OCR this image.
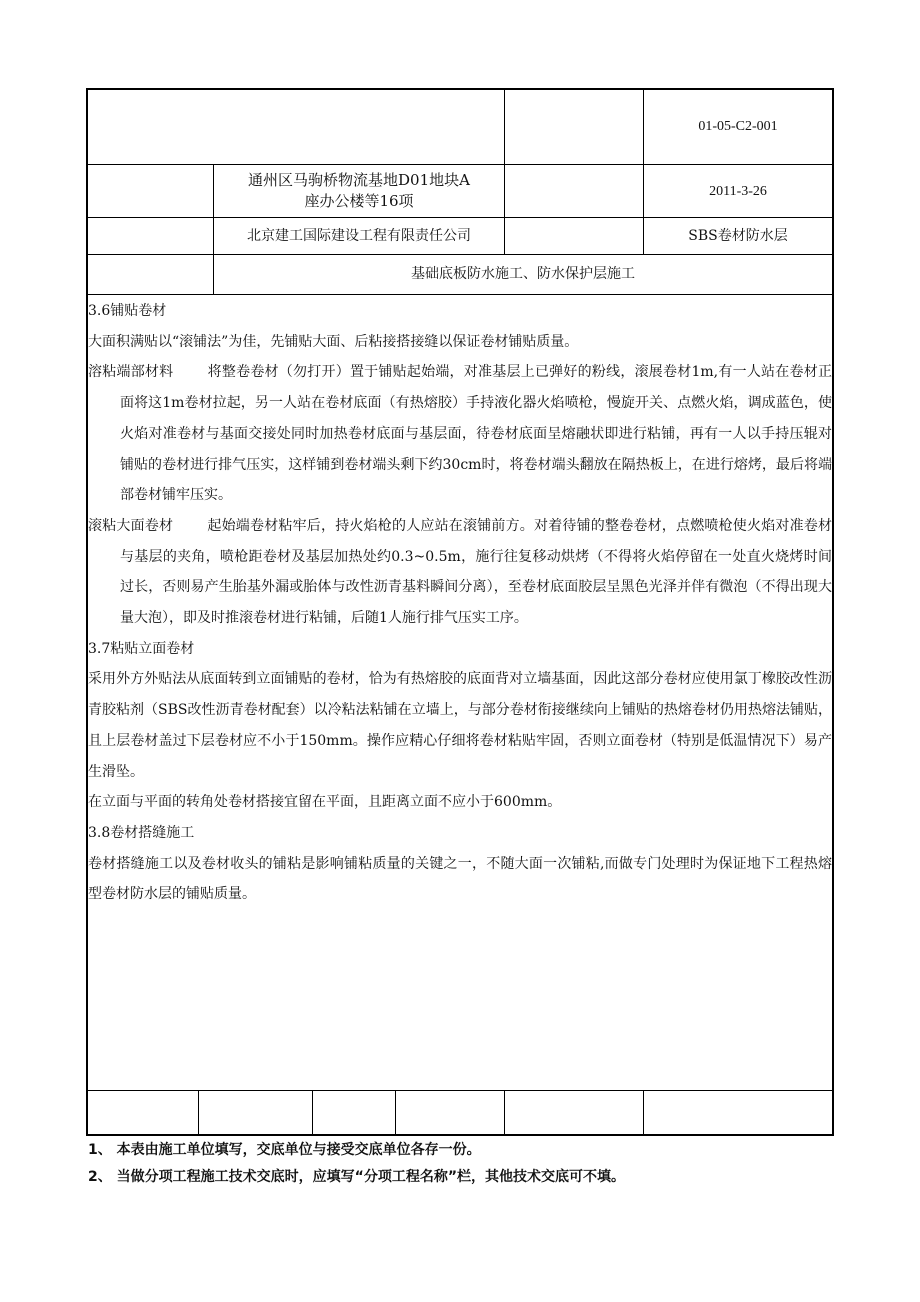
01-05-C2-001
通州区马驹桥物流基地D01地块A座办公楼等16项
2011-3-26
北京建工国际建设工程有限责任公司	SBS卷材防水层
基础底板防水施工、防水保护层施工

3.6铺贴卷材

大面积满贴以“滚铺法”为佳，先铺贴大面、后粘接搭接缝以保证卷材铺贴质量。

溶粘端部材料 将整卷卷材（勿打开）置于铺贴起始端，对准基层上已弹好的粉线，滚展卷材1m,有一人站在卷材正面将这1m卷材拉起，另一人站在卷材底面（有热熔胶）手持液化器火焰喷枪，慢旋开关、点燃火焰，调成蓝色，使火焰对准卷材与基面交接处同时加热卷材底面与基层面，待卷材底面呈熔融状即进行粘铺，再有一人以手持压辊对铺贴的卷材进行排气压实，这样铺到卷材端头剩下约30cm时，将卷材端头翻放在隔热板上，在进行熔烤，最后将端部卷材铺牢压实。

滚粘大面卷材 起始端卷材粘牢后，持火焰枪的人应站在滚铺前方。对着待铺的整卷卷材，点燃喷枪使火焰对准卷材与基层的夹角，喷枪距卷材及基层加热处约0.3~0.5m，施行往复移动烘烤（不得将火焰停留在一处直火烧烤时间过长，否则易产生胎基外漏或胎体与改性沥青基料瞬间分离），至卷材底面胶层呈黑色光泽并伴有微泡（不得出现大量大泡），即及时推滚卷材进行粘铺，后随1人施行排气压实工序。

3.7粘贴立面卷材

采用外方外贴法从底面转到立面铺贴的卷材，恰为有热熔胶的底面背对立墙基面，因此这部分卷材应使用氯丁橡胶改性沥青胶粘剂（SBS改性沥青卷材配套）以冷粘法粘铺在立墙上，与部分卷材衔接继续向上铺贴的热熔卷材仍用热熔法铺贴，且上层卷材盖过下层卷材应不小于150mm。操作应精心仔细将卷材粘贴牢固，否则立面卷材（特别是低温情况下）易产生滑坠。

在立面与平面的转角处卷材搭接宜留在平面，且距离立面不应小于600mm。

3.8卷材搭缝施工

卷材搭缝施工以及卷材收头的铺粘是影响铺粘质量的关键之一，不随大面一次铺粘,而做专门处理时为保证地下工程热熔型卷材防水层的铺贴质量。

1、 本表由施工单位填写，交底单位与接受交底单位各存一份。
2、 当做分项工程施工技术交底时，应填写“分项工程名称”栏，其他技术交底可不填。
